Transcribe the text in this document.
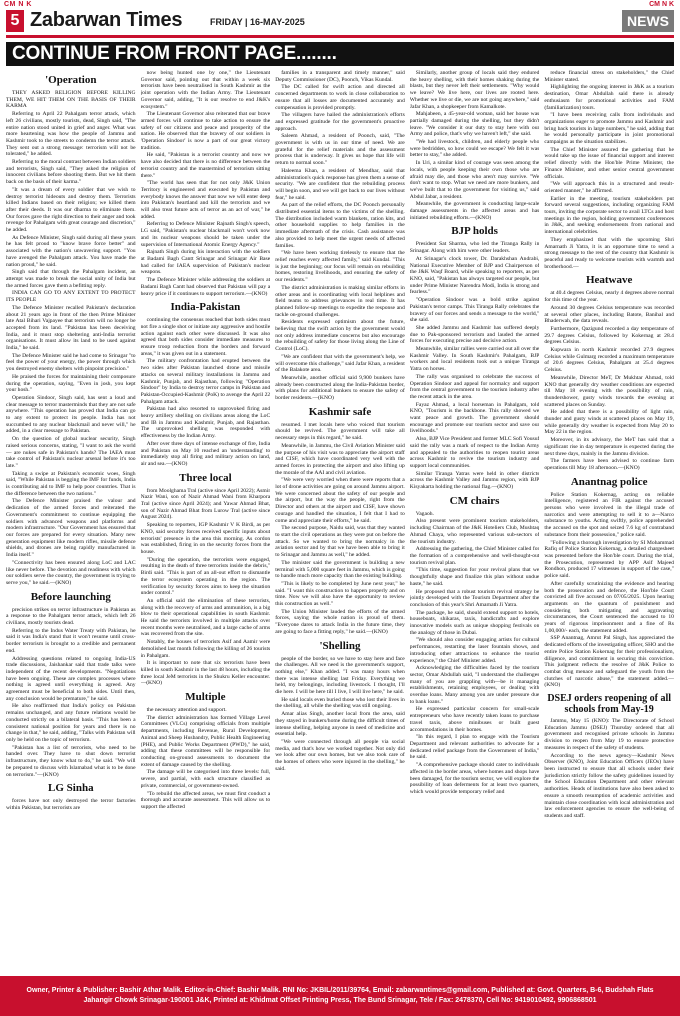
CM N K	CM N K
5 Zabarwan Times	FRIDAY | 16-MAY-2025	NEWS
CONTINUE FROM FRONT PAGE........
'Operation

THEY ASKED RELIGION BEFORE KILLING THEM, WE HIT THEM ON THE BASIS OF THEIR KARMA

Referring to April 22 Pahalgam terror attack, which left 26 civilians, mostly tourists, dead, Singh said, "The entire nation stood united in grief and anger. What was more heartening was how the people of Jammu and Kashmir took to the streets to condemn the terror attack. They sent out a strong message: terrorism will not be tolerated," he added.

Referring to the moral contrast between Indian soldiers and terrorists, Singh said, "They asked the religion of innocent civilians before shooting them. But we hit them back on the basis of their karma."

"It was a dream of every soldier that we wish to destroy terrorist hideouts and destroy them. Terrorists killed Indians based on their religion; we killed them after their deeds. It was our dharma to eliminate them. Our forces gave the right direction to their anger and took revenge for Pahalgam with great courage and discretion," he added.

As Defence Minister, Singh said during all these years he has felt proud to "know brave force better" and associated with the nation's unwavering support. "You have avenged the Pahalgam attack. You have made the nation proud," he said.

Singh said that through the Pahalgam incident, an attempt was made to break the social unity of India but the armed forces gave them a befitting reply.

INDIA CAN GO TO ANY EXTENT TO PROTECT ITS PEOPLE

The Defence Minister recalled Pakistan's declaration about 21 years ago in front of the then Prime Minister late Atal Bihari Vajpayee that terrorism will no longer be accepted from its land. "Pakistan has been deceiving India, and it must stop sheltering anti-India terrorist organisations. It must allow its land to be used against India," he said.

The Defence Minister said he had come to Srinagar "to feel the power of your energy, the power through which you destroyed enemy shelters with pinpoint precision."

He praised the forces for maintaining their composure during the operation, saying, "Even in josh, you kept your hosh."

Operation Sindoor, Singh said, has sent a loud and clear message to terror masterminds that they are not safe anywhere. "This operation has proved that India can go to any extent to protect its people. India has not succumbed to any nuclear blackmail and never will," he added, in a clear message to Pakistan.

On the question of global nuclear security, Singh raised serious concerns, stating, "I want to ask the world — are nukes safe in Pakistan's hands? The IAEA must take control of Pakistan's nuclear arsenal before it's too late."

Taking a swipe at Pakistan's economic woes, Singh said, "While Pakistan is begging the IMF for funds, India is contributing aid to IMF to help poor countries. That is the difference between the two nations."

The Defence Minister praised the valour and dedication of the armed forces and reiterated the Government's commitment to continue equipping the soldiers with advanced weapons and platforms and modern infrastructure. "Our Government has ensured that our forces are prepared for every situation. Many new generation equipment like modern rifles, missile defence shields, and drones are being rapidly manufactured in India itself."

"Connectivity has been ensured along LoC and LAC like never before. The devotion and readiness with which our soldiers serve the country, the government is trying to serve you," he said.—(KNO)

Before launching

precision strikes on terror infrastructure in Pakistan as a response to the Pahalgam terror attack, which left 26 civilians, mostly tourists dead.

Referring to the Indus Water Treaty with Pakistan, he said it was India's stand that it won't resume until cross-border terrorism is brought to a credible and permanent end.

Addressing questions related to ongoing India-US trade discussions, Jaishankar said that trade talks were independent of the recent developments. "Negotiations have been ongoing. These are complex processes where nothing is agreed until everything is agreed. Any agreement must be beneficial to both sides. Until then, any conclusion would be premature," he said.

He also reaffirmed that India's policy on Pakistan remains unchanged, and any future relations would be conducted strictly on a bilateral basis. "This has been a consistent national position for years and there is no change in that," he said, adding, "Talks with Pakistan will only be held on the topic of terrorism.

"Pakistan has a list of terrorists, who need to be handed over. They have to shut down terrorist infrastructure, they know what to do," he said. "We will be prepared to discuss with Islamabad what is to be done on terrorism."—(KNO)

LG Sinha

forces have not only destroyed the terror factories within Pakistan, but terrorists are

now being hunted one by one," the Lieutenant Governor said, pointing out that within a week six terrorists have been neutralised in South Kashmir as the joint operation with the Indian Army. The Lieutenant Governor said, adding, "It is our resolve to end J&K's ecosystem."

The Lieutenant Governor also reiterated that our brave armed forces will continue to take action to ensure the safety of our citizens and peace and prosperity of the nation. He observed that the bravery of our soldiers in 'Operation Sindoor' is now a part of our great victory tradition.

He said, "Pakistan is a terrorist country and now we have also decided that there is no difference between the terrorist country and the mastermind of terrorism sitting there."

"The world has seen that for not only J&K Union Territory is engineered and executed by Pakistan and everybody knows the answer that now we will enter deep into Pakistan's heartland and kill the terrorists and we will also treat future acts of terror as an act of war," he added.

Referring to Defence Minister Rajnath Singh's speech, LG said, "Pakistan's nuclear blackmail won't work now and its nuclear weapons should be taken under the supervision of International Atomic Energy Agency."

Rajnath Singh during his interaction with the soldiers at Badami Bagh Cantt Srinagar and Srinagar Air Base had called for IAEA supervision of Pakistan's nuclear weapons.

The Defence Minister while addressing the soldiers at Badami Bagh Cantt had observed that Pakistan will pay a heavy price if it continues to support terrorism.—(KNO)

India-Pakistan

continuing the consensus reached that both sides must not fire a single shot or initiate any aggressive and hostile action against each other were discussed. It was also agreed that both sides consider immediate measures to ensure troop reduction from the borders and forward areas," it was given out in a statement.

The military confrontation had erupted between the two sides after Pakistan launched drone and missile attacks on several military installations in Jammu and Kashmir, Punjab, and Rajasthan, following "Operation Sindoor" by India to destroy terror camps in Pakistan and Pakistan-Occupied-Kashmir (PoK) to avenge the April 22 Pahalgam attack.

Pakistan had also resorted to unprovoked firing and heavy artillery shelling on civilians areas along the LoC and IB in Jammu and Kashmir, Punjab, and Rajasthan. The unprovoked shelling was responded with effectiveness by the Indian Army.

After over three days of intense exchange of fire, India and Pakistan on May 10 reached an 'understanding' to immediately stop all firing and military action on land, air and sea.—(KNO)

Three local

from Moolghama Tral (active since April 2022); Asmir Nazir Wani, son of Nazir Ahmad Wani from Kharpora Tral (active since April 2024); and Yawar Ahmad Bhat, son of Nazir Ahmad Bhat from Lurow Tral (active since August 2024).

Speaking to reporters, IGP Kashmir V K Birdi, as per KNO, said security forces received specific inputs about terrorists' presence in the area this morning. As cordon was established, firing in on the security forces from the house.

"During the operation, the terrorists were engaged, resulting in the death of three terrorists inside the debris," Birdi said. "This is part of an all-out effort to dismantle the terror ecosystem operating in the region. The verification by security forces aims to keep the situation under control."

An official said the elimination of these terrorists, along with the recovery of arms and ammunition, is a big blow to their operational capabilities in south Kashmir. He said the terrorists involved in multiple attacks over recent months were neutralised, and a large cache of arms was recovered from the site.

Notably, the houses of terrorists Asif and Aamir were demolished last month following the killing of 26 tourists in Pahalgam.

It is important to note that six terrorists have been killed in south Kashmir in the last 48 hours, including the three local JeM terrorists in the Shukru Keller encounter.—(KNO)

Multiple

the necessary attention and support.

The district administration has formed Village Level Committees (VLCs) comprising officials from multiple departments, including Revenue, Rural Development, Animal and Sheep Husbandry, Public Health Engineering (PHE), and Public Works Department (PWD)," he said, adding that these committees will be responsible for conducting on-ground assessments to document the extent of damage caused by the shelling.

The damage will be categorised into three levels: full, severe, and partial, with each structure classified as private, commercial, or government-owned.

"To rebuild the affected areas, we must first conduct a thorough and accurate assessment. This will allow us to support the affected

families in a transparent and timely manner," said Deputy Commissioner (DC), Poonch, Vikas Kundal.

The DC called for swift action and directed all concerned departments to work in close collaboration to ensure that all losses are documented accurately and compensation is provided promptly.

The villagers have hailed the administration's efforts and expressed gratitude for the government's proactive approach.

Saleem Ahmad, a resident of Poonch, said, "The government is with us in our time of need. We are grateful for the relief materials and the assessment process that is underway. It gives us hope that life will return to normal soon."

Haleema Khan, a resident of Mendhar, said that administration's quick response has given them a sense of security. "We are confident that the rebuilding process will begin soon, and we will get back to our lives without fear," he said.

As part of the relief efforts, the DC Poonch personally distributed essential items to the victims of the shelling. The distribution included warm blankets, ration kits, and other household supplies to help families in the immediate aftermath of the crisis. Cash assistance was also provided to help meet the urgent needs of affected families.

"We have been working tirelessly to ensure that the relief reaches every affected family," said Kundal. "This is just the beginning; our focus will remain on rebuilding homes, restoring livelihoods, and ensuring the safety of our residents."

The district administration is making similar efforts in other areas and is coordinating with local helplines and field teams to address grievances in real time. It has planned follow-up meetings to expedite the response and tackle on-ground challenges.

Residents expressed optimism about the future, believing that the swift action by the government would not only address immediate concerns but also encourage the rebuilding of safety for those living along the Line of Control (LoC).

"We are confident that with the government's help, we will overcome this challenge," said Jafar Khan, a resident of the Balakote area.

Meanwhile, another official said 9,900 bunkers have already been constructed along the India-Pakistan border, with plans for additional bunkers to ensure the safety of border residents.—(KNO)

Kashmir safe

resumed. I met locals here who voiced that tourism should be revived. The government will take all necessary steps in this regard," he said.

Meanwhile, in Jammu, the Civil Aviation Minister said the purpose of his visit was to appreciate the airport staff and CISF, which have coordinated very well with the armed forces in protecting the airport and also lifting up the morale of the AAI and civil aviation.

"We were very worried when there were reports that a lot of drone activities are going on around Jammu airport. We were concerned about the safety of our people and the airport, but the way the people, right from the Director and others at the airport and CISF, have shown courage and handled the situation, I felt that I had to come and appreciate their efforts," he said.

The second purpose, Naidu said, was that they wanted to start the civil operations as they were put on before the attack. So we wanted to bring the normalcy in the aviation sector and by that we have been able to bring it to Srinagar and Jammu as well," he added.

The minister said the government is building a new terminal with 5,000 square feet in Jammu, which is going to handle much more capacity than the existing building.

"This is likely to be completed by June next year," he said. "I want this construction to happen properly and on time. Now we will also have the opportunity to review this construction as well."

The Union Minister lauded the efforts of the armed forces, saying the whole nation is proud of them. "Everyone dares to attack India in the future time, they are going to face a fitting reply," he said.—(KNO)

'Shelling

people of the border, so we have to stay here and face the challenges. All we need is the government's support, nothing else," Khan added. "I was many hours when there was intense shelling last Friday. Everything we held, my belongings, including livestock. I thought, I'll die here. I will be here till I live, I will live here," he said.

He said locals even buried those who lost their lives in the shelling, all while the shelling was still ongoing.

Amar alias Singh, another local from the area, said they stayed in bunkers/home during the difficult times of intense shelling, helping anyone in need of medicine and essential help.

"We were connected through all people via social media, and that's how we worked together. Not only did we look after our own homes, but we also took care of the homes of others who were injured in the shelling," he said.

Similarly, another group of locals said they endured the heavy shelling, with their homes shaking during the blasts, but they never left their settlements. "Why would we leave? We live here, our lives are rooted here. Whether we live or die, we are not going anywhere," said Jafar Khan, a shopkeeper from Kamalkote.

Mahjabeen, a 45-year-old woman, said her house was partially damaged during the shelling, but they didn't leave. "We consider it our duty to stay here with our Army and police, that's why we haven't left," she said.

"We had livestock, children, and elderly people who were bedridden, so how could we escape? We felt it was better to stay," she added.

In Uri, a similar kind of courage was seen among the locals, with people keeping their own those who are afraid may die, and those who aren't may survive. "We don't want to stop. What we need are more bunkers, and we've built that to the government for visiting us," said Abdul Jabar, a resident.

Meanwhile, the government is conducting large-scale damage assessments in the affected areas and has initiated rebuilding efforts.—(KNO)

BJP holds

President Sat Sharma, who led the Tiranga Rally in Srinagar. Along with him were other leaders.

At Srinagar's clock tower, Dr. Darakhshan Andrabi, National Executive Member of BJP and Chairperson of the J&K Waqf Board, while speaking to reporters, as per KNO, said, "Pakistan has always targeted our people, but under Prime Minister Narendra Modi, India is strong and fearless."

"Operation Sindoor was a bold strike against Pakistan's terror camps. This Tiranga Rally celebrates the bravery of our forces and sends a message to the world," she said.

She added Jammu and Kashmir has suffered deeply due to Pak-sponsored terrorism and lauded the armed forces for executing precise and decisive action.

Meanwhile, similar rallies were carried out all over the Kashmir Valley. In South Kashmir's Pahalgam, BJP workers and local residents took out a unique Tiranga Yatra on horses.

The rally was organised to celebrate the success of Operation Sindoor and appeal for normalcy and support from the central government to the tourism industry after the recent attack in the area.

Fayaz Ahmad, a local horseman in Pahalgam, told KNO, "Tourism is the backbone. This rally showed we want peace and growth. The government should encourage and promote our tourism sector and save our livelihoods."

Also, BJP Vice President and former MLC Sofi Yousuf said the rally was a mark of respect to the Indian Army and appealed to the authorities to reopen tourist areas across Kashmir to revive the tourism industry and support local communities.

Similar Tiranga Yatras were held in other districts across the Kashmir Valley and Jammu region, with BJP Kisyakarta holding the national flag.—(KNO)

CM chairs

Vagaoh.

Also present were prominent tourism stakeholders, including Chairman of the J&K Hoteliers Club, Mushtaq Ahmad Chaya, who represented various sub-sectors of the tourism industry.

Addressing the gathering, the Chief Minister called for the formation of a comprehensive and well-thought-out tourism revival plan.

"This time, suggestion for your revival plans that we thoughtfully shape and finalize this plan without undue haste," he said.

He proposed that a robust tourism revival strategy be jointly developed with the Tourism Department after the conclusion of this year's Shri Amarnath Ji Yatra.

The package, he said, should extend support to hotels, houseboats, shikaras, taxis, handicrafts and explore innovative models such as unique shopping festivals on the analogy of those in Dubai.

"We should also consider engaging artists for cultural performances, restarting the laser fountain shows, and introducing other attractions to enhance the tourist experience," the Chief Minister added.

Acknowledging the difficulties faced by the tourism sector, Omar Abdullah said, "I understand the challenges many of you are grappling with—be it managing establishments, retaining employees, or dealing with overdue loans. Many among you are under pressure due to bank loans."

He expressed particular concern for small-scale entrepreneurs who have recently taken loans to purchase travel taxis, above minibuses or built guest accommodations in their homes.

"In this regard, I plan to engage with the Tourism Department and relevant authorities to advocate for a dedicated relief package from the Government of India," he said.

"A comprehensive package should cater to individuals affected in the border areas, where homes and shops have been damaged, for the tourism sector, we will explore the possibility of loan deferments for at least two quarters, which would provide temporary relief and

reduce financial stress on stakeholders," the Chief Minister stated.

Highlighting the ongoing interest in J&K as a tourism destination, Omar Abdullah said there is already enthusiasm for promotional activities and FAM (familiarization) tours.

"I have been receiving calls from individuals and organizations eager to promote Jammu and Kashmir and bring back tourists in large numbers," he said, adding that he would personally participate in joint promotional campaigns as the situation stabilizes.

The Chief Minister assured the gathering that he would take up the issue of financial support and interest relief directly with the Hon'ble Prime Minister, the Finance Minister, and other senior central government officials.

"We will approach this in a structured and result-oriented manner," he affirmed.

Earlier in the meeting, tourism stakeholders put forward several suggestions, including organizing FAM tours, inviting the corporate sector to avail LTCs and host meetings in the region, holding government conferences in J&K, and seeking endorsements from national and international celebrities.

They emphasized that with the upcoming Shri Amarnath Ji Yatra, it is an opportune time to send a strong message to the rest of the country that Kashmir is peaceful and ready to welcome tourists with warmth and brotherhood.—

Heatwave

at 40.4 degrees Celsius, nearly 4 degrees above normal for this time of the year.

Around 30 degrees Celsius temperature was recorded at several other places, including Batote, Banihal and Bhaderwah, the data reveals.

Furthermore, Qazigund recorded a day temperature of 29.7 degrees Celsius, followed by Kokernag at 28.4 degrees Celsius.

Kupwara in north Kashmir recorded 27.9 degrees Celsius while Gulmarg recorded a maximum temperature of 20.6 degrees Celsius, Pahalgam at 25.4 degrees Celsius.

Meanwhile, Director MeT, Dr Mukhtar Ahmad, told KNO that generally dry weather conditions are expected till May 18 evening with the possibility of rain, thundershower, gusty winds towards the evening at scattered places on Sunday.

He added that there is a possibility of light rain, thunder and gusty winds at scattered places on May 19, while generally dry weather is expected from May 20 to May 22 in the region.

Moreover, in its advisory, the MeT has said that a significant rise in day temperature is expected during the next three days, mainly in the Jammu division.

The farmers have been advised to continue farm operations till May 18 afternoon.—(KNO)

Anantnag police

Police Station Kokernag, acting on reliable intelligence, registered an FIR against the accused persons who were involved in the illegal trade of narcotics and were attempting to sell it to a—Narco substance to youths. Acting swiftly, police apprehended the accused on the spot and seized 7.6 kg of contraband substance from their possession," police said.

"Following a thorough investigation by SI Mohammad Rafiq of Police Station Kokernag, a detailed chargesheet was presented before the Hon'ble court. During the trial, the Prosecution, represented by APP Asif Majeed Rondhon, produced 17 witnesses in support of the case," police said.

After carefully scrutinizing the evidence and hearing both the prosecution and defence, the Hon'ble Court convicted all five accused on 07/05/2025. Upon hearing arguments on the quantum of punishment and considering both mitigating and aggravating circumstances, the Court sentenced the accused to 10 years of rigorous imprisonment and a fine of Rs 1,00,000/- each, the statement added.

SSP Anantnag, Amrut Pal Singh, has appreciated the dedicated efforts of the investigating officer, SHO and the entire Police Station Kokernag for their professionalism, diligence, and commitment in securing this conviction. This judgment reflects the resolve of J&K Police to combat drug menace and safeguard the youth from the clutches of narcotic abuse," the statement added.—(KNO)

DSEJ orders reopening of all schools from May-19

Jammu, May 15 (KNO): The Directorate of School Education Jammu (DSEJ) Thursday ordered that all government and recognised private schools in Jammu division to reopen from May 19 to ensure protective measures in respect of the safety of students.

According to the news agency—Kashmir News Observer (KNO), Joint Education Officers (JEOs) have been instructed to ensure that all schools under their jurisdiction strictly follow the safety guidelines issued by the School Education Department and other relevant authorities. Heads of institutions have also been asked to ensure a smooth resumption of academic activities and maintain close coordination with local administration and law enforcement agencies to ensure the well-being of students and staff.

Owner, Printer & Publisher: Bashir Athar Malik. Editor-in-Chief: Bashir Malik. RNI No: JKBIL/2011/39764, Email: zabarwantimes@gmail.com, Published at: Govt. Quarters, B-6, Budshah Flats
Jahangir Chowk Srinagar-190001 J&K, Printed at: Khidmat Offset Printing Press, The Bund Srinagar, Tele / Fax: 2478370, Cell No: 9419010492, 9906868501
